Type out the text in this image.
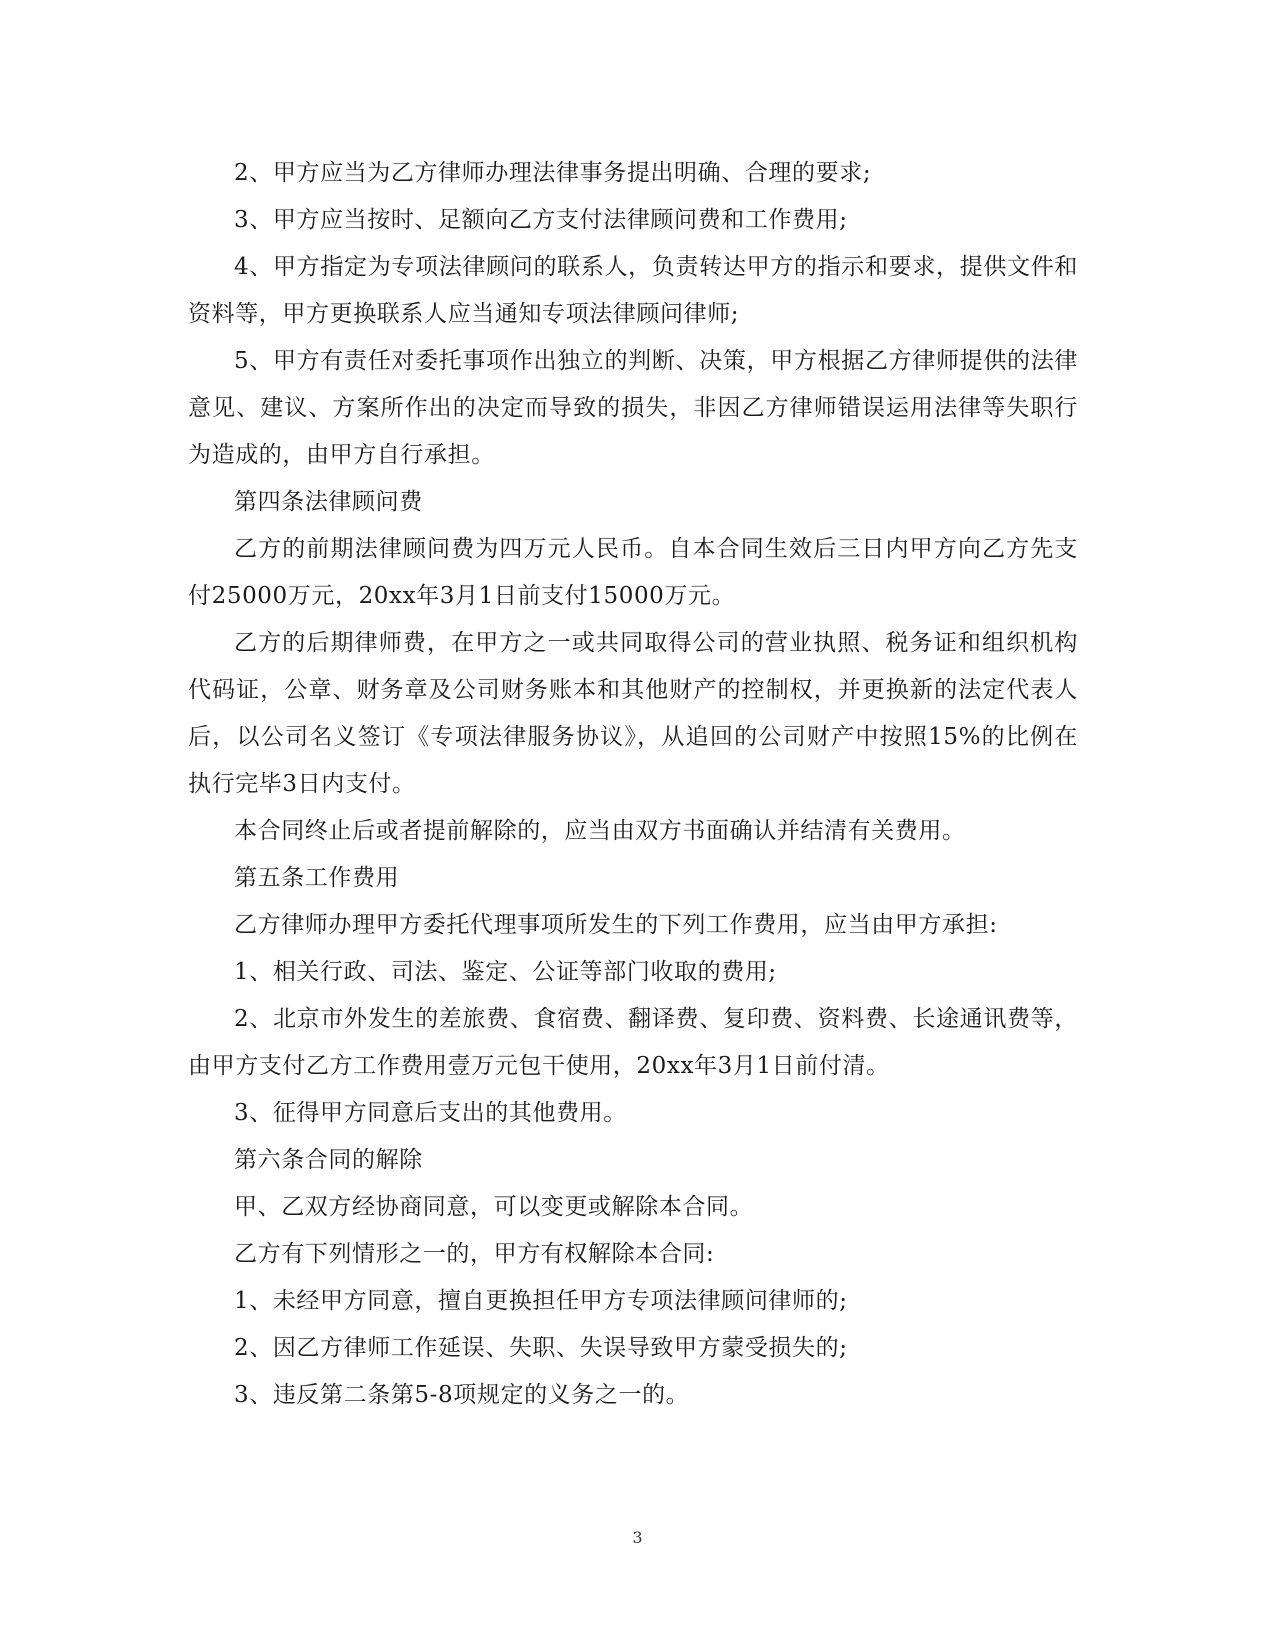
2、甲方应当为乙方律师办理法律事务提出明确、合理的要求;

3、甲方应当按时、足额向乙方支付法律顾问费和工作费用;

4、甲方指定为专项法律顾问的联系人，负责转达甲方的指示和要求，提供文件和资料等，甲方更换联系人应当通知专项法律顾问律师;

5、甲方有责任对委托事项作出独立的判断、决策，甲方根据乙方律师提供的法律意见、建议、方案所作出的决定而导致的损失，非因乙方律师错误运用法律等失职行为造成的，由甲方自行承担。

第四条法律顾问费

乙方的前期法律顾问费为四万元人民币。自本合同生效后三日内甲方向乙方先支付25000万元，20xx年3月1日前支付15000万元。

乙方的后期律师费，在甲方之一或共同取得公司的营业执照、税务证和组织机构代码证，公章、财务章及公司财务账本和其他财产的控制权，并更换新的法定代表人后，以公司名义签订《专项法律服务协议》，从追回的公司财产中按照15%的比例在执行完毕3日内支付。

本合同终止后或者提前解除的，应当由双方书面确认并结清有关费用。

第五条工作费用

乙方律师办理甲方委托代理事项所发生的下列工作费用，应当由甲方承担:

1、相关行政、司法、鉴定、公证等部门收取的费用;

2、北京市外发生的差旅费、食宿费、翻译费、复印费、资料费、长途通讯费等，由甲方支付乙方工作费用壹万元包干使用，20xx年3月1日前付清。

3、征得甲方同意后支出的其他费用。

第六条合同的解除

甲、乙双方经协商同意，可以变更或解除本合同。

乙方有下列情形之一的，甲方有权解除本合同:

1、未经甲方同意，擅自更换担任甲方专项法律顾问律师的;

2、因乙方律师工作延误、失职、失误导致甲方蒙受损失的;

3、违反第二条第5-8项规定的义务之一的。

3
